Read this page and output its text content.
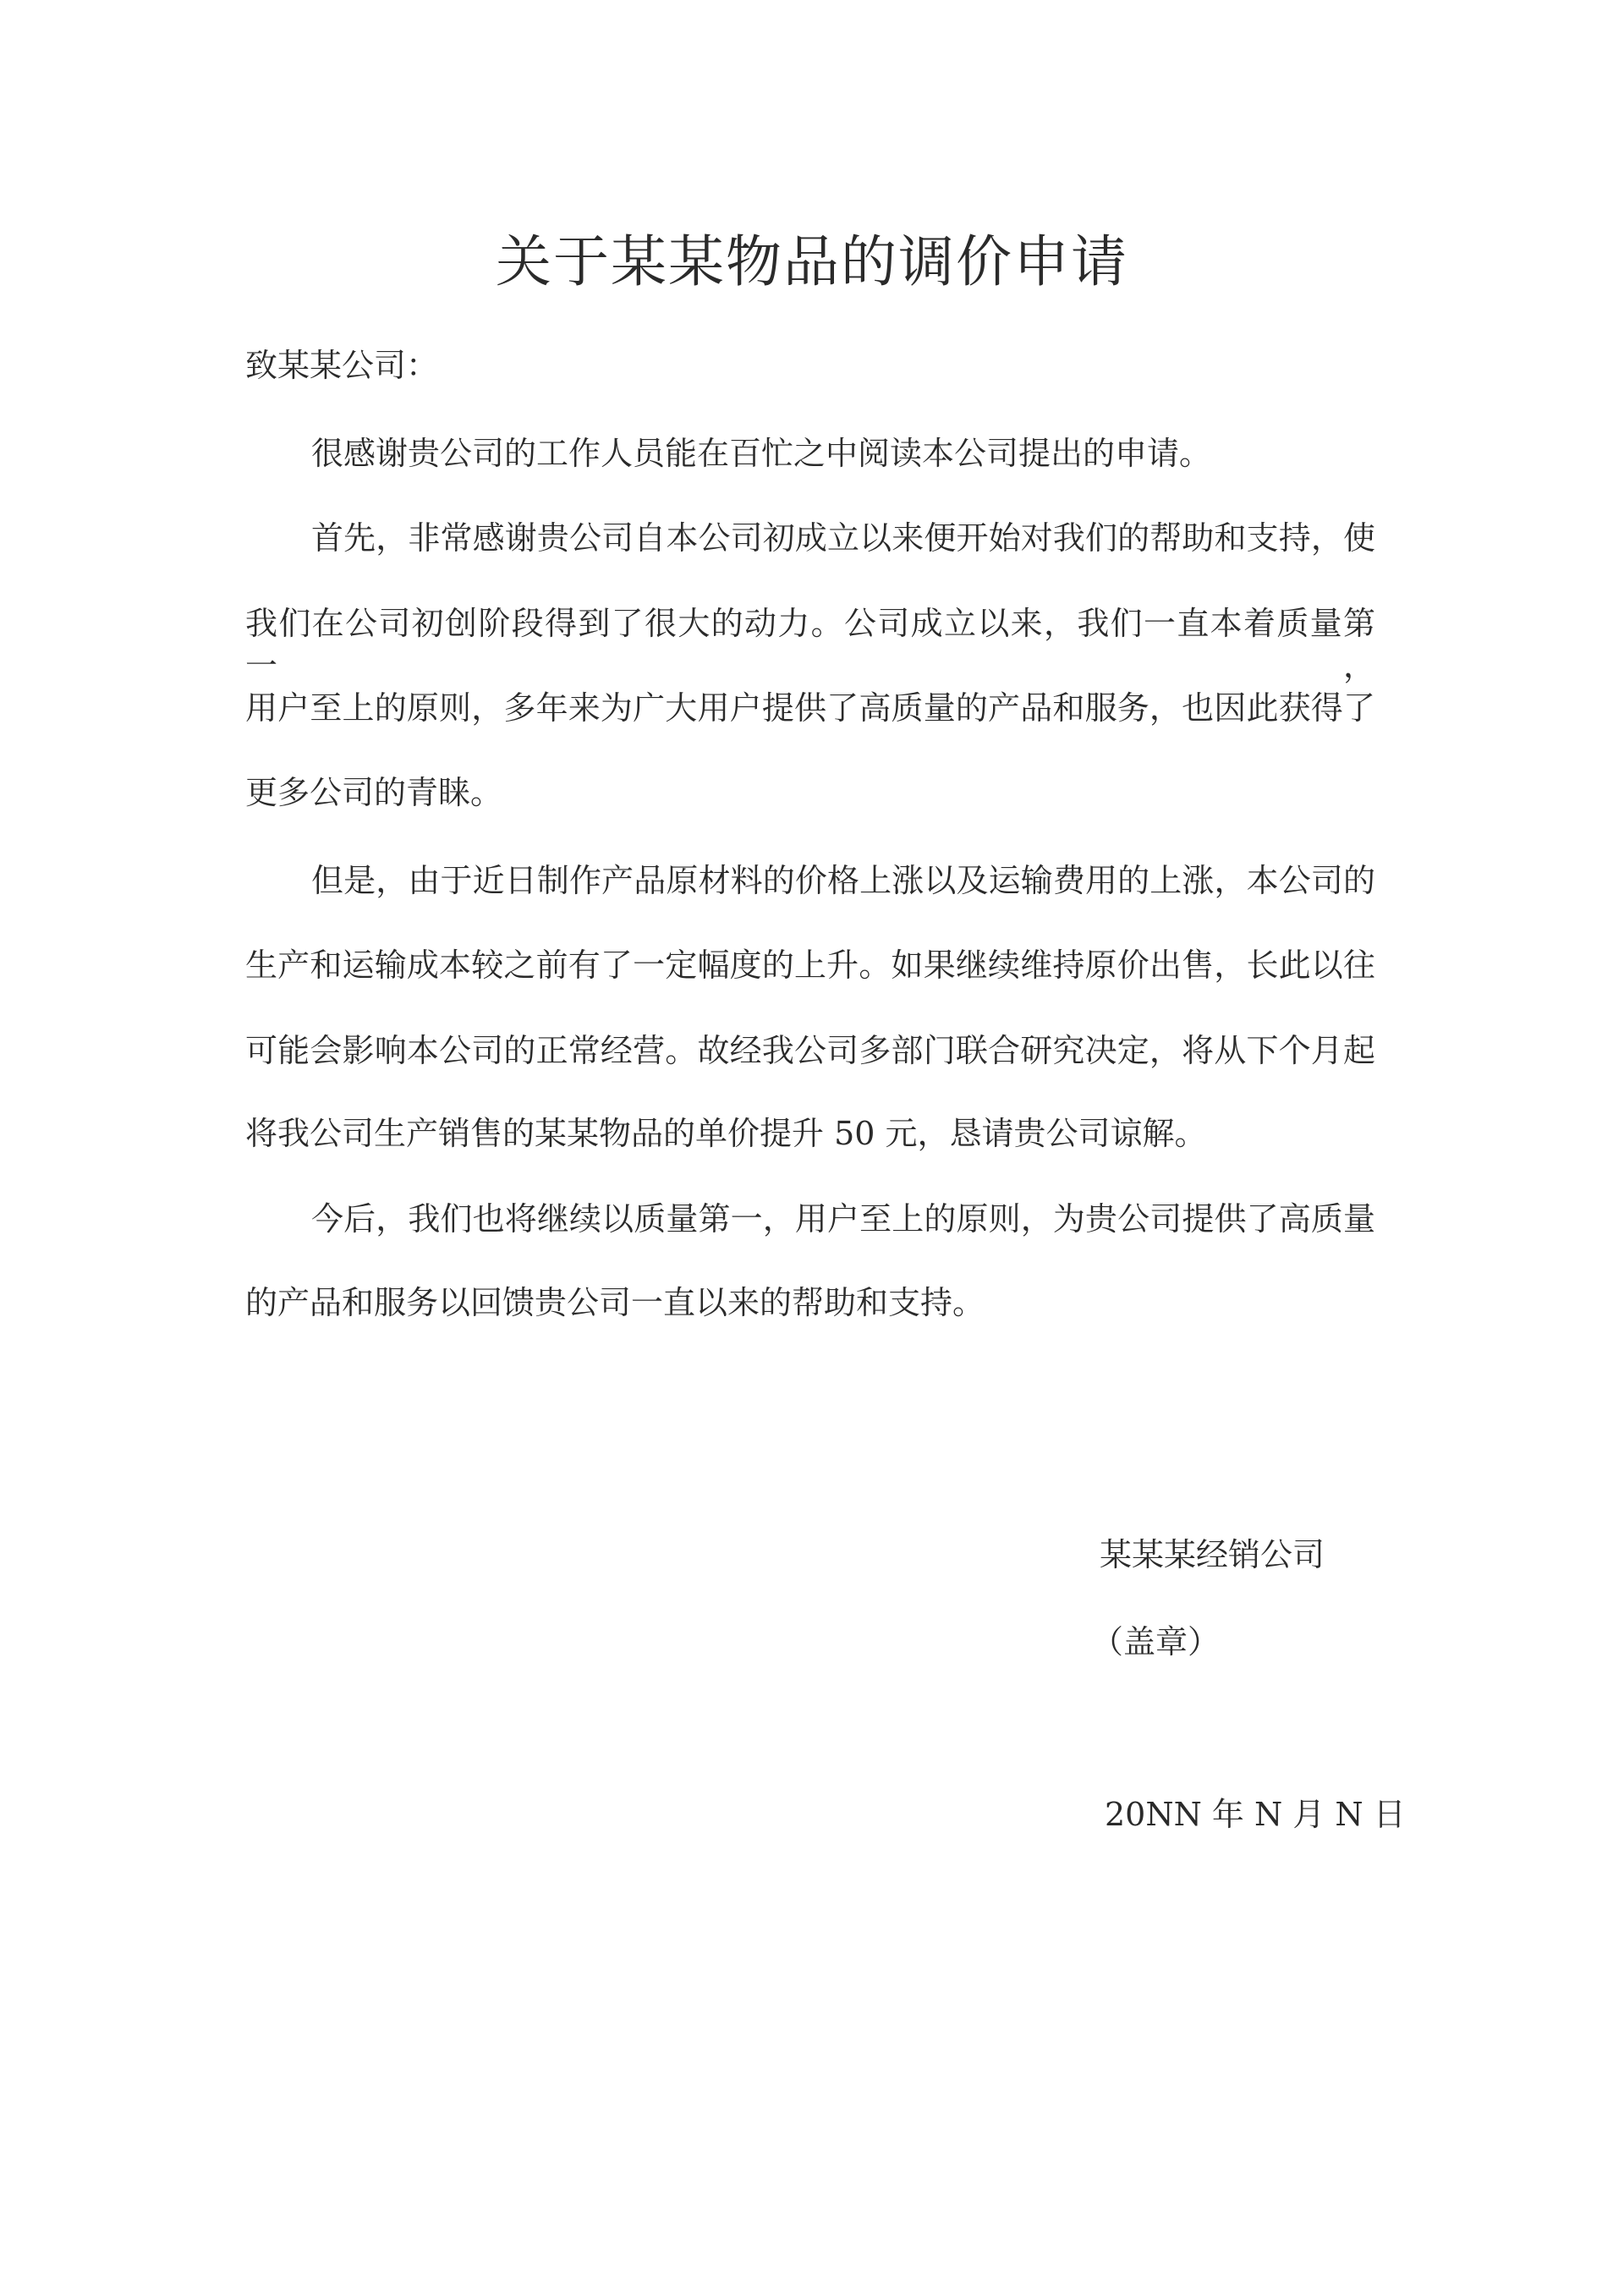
关于某某物品的调价申请
致某某公司：
很感谢贵公司的工作人员能在百忙之中阅读本公司提出的申请。
首先，非常感谢贵公司自本公司初成立以来便开始对我们的帮助和支持，使
我们在公司初创阶段得到了很大的动力。公司成立以来，我们一直本着质量第一，
用户至上的原则，多年来为广大用户提供了高质量的产品和服务，也因此获得了
更多公司的青睐。
但是，由于近日制作产品原材料的价格上涨以及运输费用的上涨，本公司的
生产和运输成本较之前有了一定幅度的上升。如果继续维持原价出售，长此以往
可能会影响本公司的正常经营。故经我公司多部门联合研究决定，将从下个月起
将我公司生产销售的某某物品的单价提升 50 元，恳请贵公司谅解。
今后，我们也将继续以质量第一，用户至上的原则，为贵公司提供了高质量
的产品和服务以回馈贵公司一直以来的帮助和支持。
某某某经销公司
（盖章）
20NN 年 N 月 N 日
